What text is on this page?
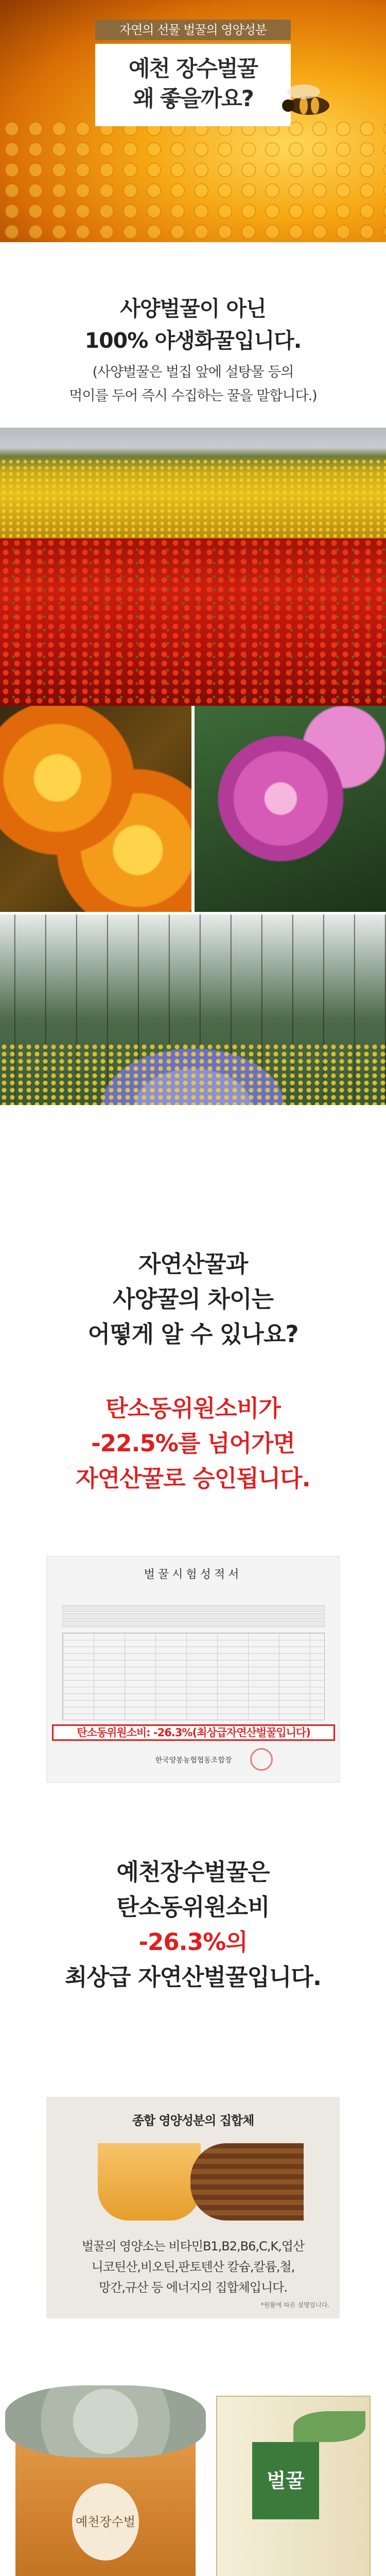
자연의 선물 벌꿀의 영양성분
예천 장수벌꿀
왜 좋을까요?
사양벌꿀이 아닌
100% 야생화꿀입니다.
(사양벌꿀은 벌집 앞에 설탕물 등의
먹이를 두어 즉시 수집하는 꿀을 말합니다.)
자연산꿀과
사양꿀의 차이는
어떻게 알 수 있나요?
탄소동위원소비가
-22.5%를 넘어가면
자연산꿀로 승인됩니다.
벌꿀시험성적서
탄소동위원소비: -26.3%(최상급자연산벌꿀입니다)
한국양봉농협협동조합장
예천장수벌꿀은
탄소동위원소비
-26.3%의
최상급 자연산벌꿀입니다.
종합 영양성분의 집합체
벌꿀의 영양소는 비타민B1,B2,B6,C,K,엽산
니코틴산,비오틴,판토텐산 칼슘,칼륨,철,
망간,규산 등 에너지의 집합체입니다.
*원활에 따른 설명입니다.
예천장수벌
벌꿀
